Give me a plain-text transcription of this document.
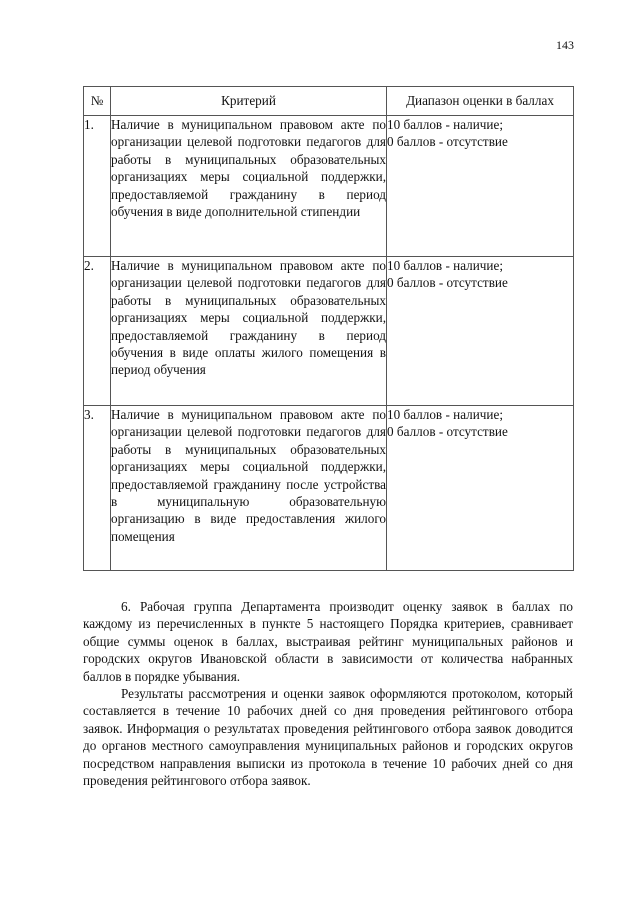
143
№	Критерий	Диапазон оценки в баллах
1.	Наличие в муниципальном правовом акте по организации целевой подготовки педагогов для работы в муниципальных образовательных организациях меры социальной поддержки, предоставляемой гражданину в период обучения в виде дополнительной стипендии	10 баллов - наличие;
0 баллов - отсутствие

2.	Наличие в муниципальном правовом акте по организации целевой подготовки педагогов для работы в муниципальных образовательных организациях меры социальной поддержки, предоставляемой гражданину в период обучения в виде оплаты жилого помещения в период обучения	10 баллов - наличие;
0 баллов - отсутствие

3.	Наличие в муниципальном правовом акте по организации целевой подготовки педагогов для работы в муниципальных образовательных организациях меры социальной поддержки, предоставляемой гражданину после устройства в муниципальную образовательную организацию в виде предоставления жилого помещения	10 баллов - наличие;
0 баллов - отсутствие

6. Рабочая группа Департамента производит оценку заявок в баллах по каждому из перечисленных в пункте 5 настоящего Порядка критериев, сравнивает общие суммы оценок в баллах, выстраивая рейтинг муниципальных районов и городских округов Ивановской области в зависимости от количества набранных баллов в порядке убывания.

Результаты рассмотрения и оценки заявок оформляются протоколом, который составляется в течение 10 рабочих дней со дня проведения рейтингового отбора заявок. Информация о результатах проведения рейтингового отбора заявок доводится до органов местного самоуправления муниципальных районов и городских округов посредством направления выписки из протокола в течение 10 рабочих дней со дня проведения рейтингового отбора заявок.
